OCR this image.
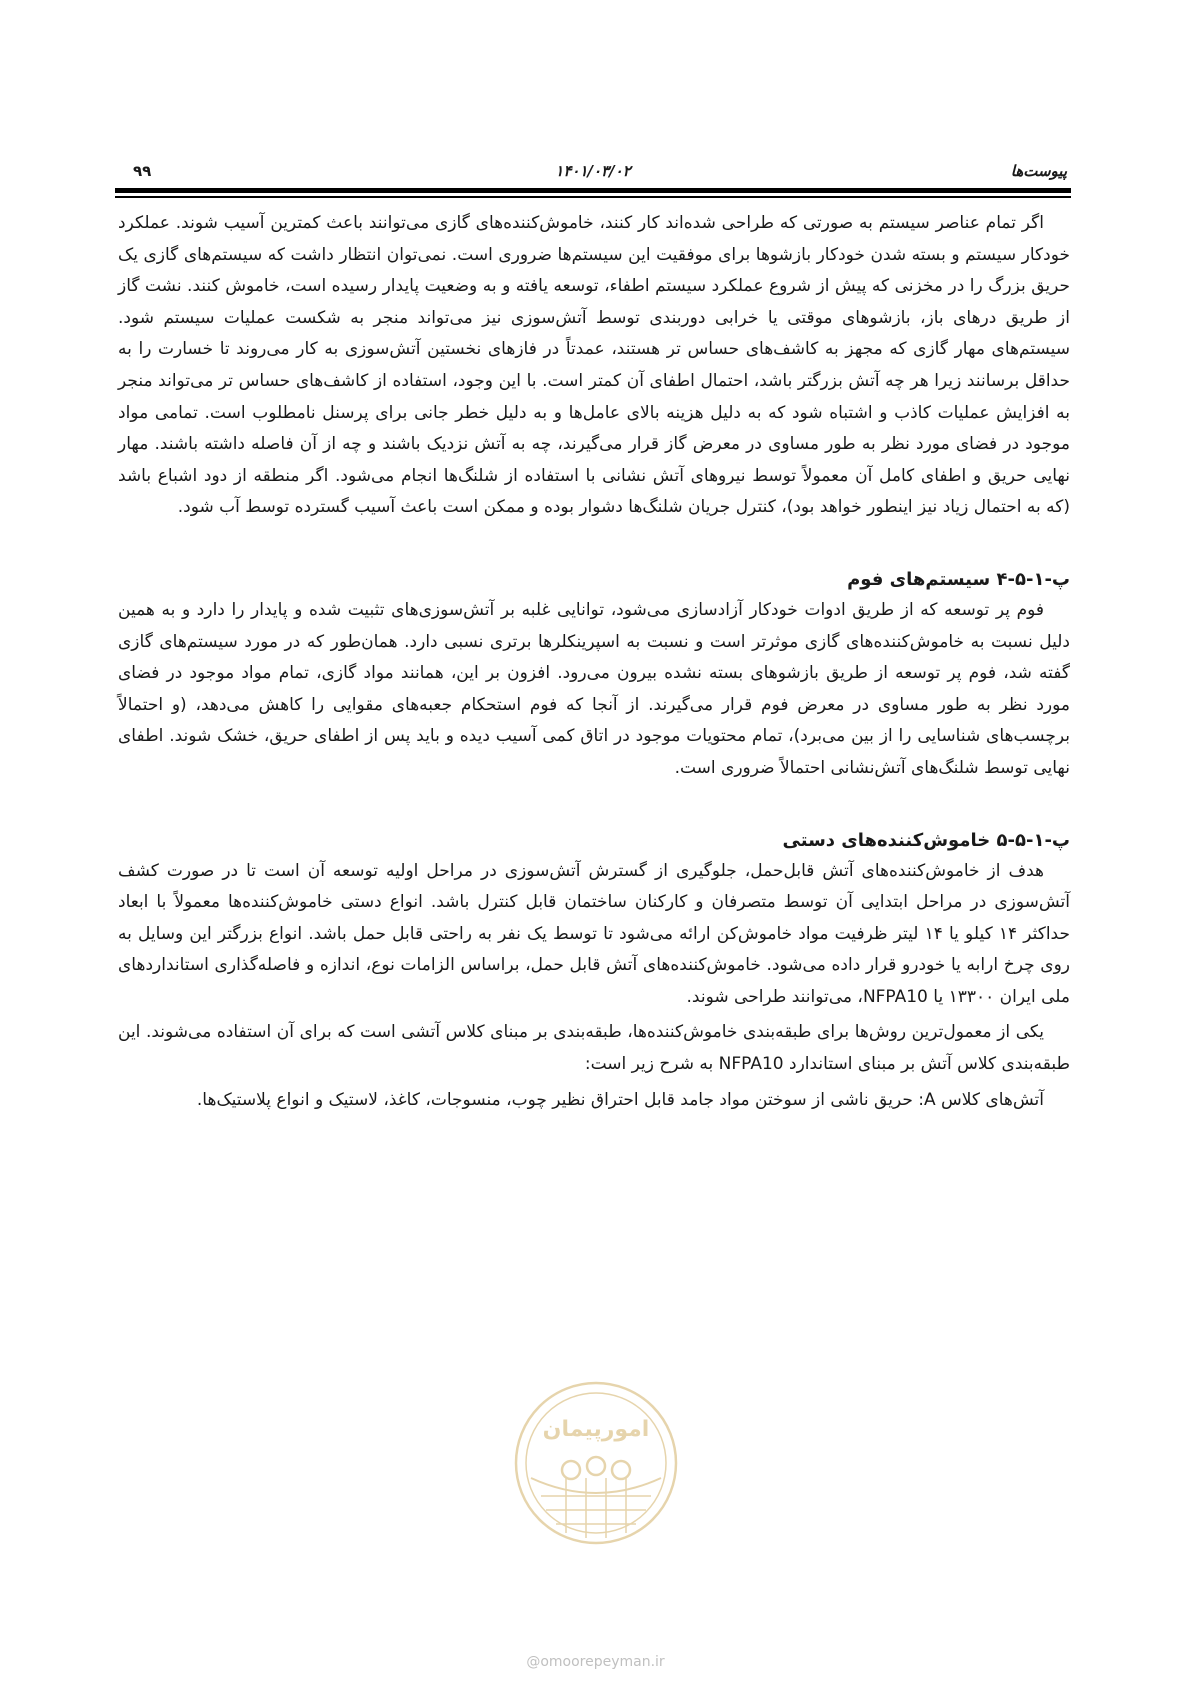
پیوست‌ها
۱۴۰۱/۰۳/۰۲
۹۹

اگر تمام عناصر سیستم به صورتی که طراحی شده‌اند کار کنند، خاموش‌کننده‌های گازی می‌توانند باعث کمترین آسیب شوند. عملکرد خودکار سیستم و بسته شدن خودکار بازشوها برای موفقیت این سیستم‌ها ضروری است. نمی‌توان انتظار داشت که سیستم‌های گازی یک حریق بزرگ را در مخزنی که پیش از شروع عملکرد سیستم اطفاء، توسعه یافته و به وضعیت پایدار رسیده است، خاموش کنند. نشت گاز از طریق درهای باز، بازشوهای موقتی یا خرابی دوربندی توسط آتش‌سوزی نیز می‌تواند منجر به شکست عملیات سیستم شود. سیستم‌های مهار گازی که مجهز به کاشف‌های حساس تر هستند، عمدتاً در فازهای نخستین آتش‌سوزی به کار می‌روند تا خسارت را به حداقل برسانند زیرا هر چه آتش بزرگتر باشد، احتمال اطفای آن کمتر است. با این وجود، استفاده از کاشف‌های حساس تر می‌تواند منجر به افزایش عملیات کاذب و اشتباه شود که به دلیل هزینه بالای عامل‌ها و به دلیل خطر جانی برای پرسنل نامطلوب است. تمامی مواد موجود در فضای مورد نظر به طور مساوی در معرض گاز قرار می‌گیرند، چه به آتش نزدیک باشند و چه از آن فاصله داشته باشند. مهار نهایی حریق و اطفای کامل آن معمولاً توسط نیروهای آتش نشانی با استفاده از شلنگ‌ها انجام می‌شود. اگر منطقه از دود اشباع باشد (که به احتمال زیاد نیز اینطور خواهد بود)، کنترل جریان شلنگ‌ها دشوار بوده و ممکن است باعث آسیب گسترده توسط آب شود.

پ-۱-۵-۴ سیستم‌های فوم

فوم پر توسعه که از طریق ادوات خودکار آزادسازی می‌شود، توانایی غلبه بر آتش‌سوزی‌های تثبیت شده و پایدار را دارد و به همین دلیل نسبت به خاموش‌کننده‌های گازی موثرتر است و نسبت به اسپرینکلرها برتری نسبی دارد. همان‌طور که در مورد سیستم‌های گازی گفته شد، فوم پر توسعه از طریق بازشوهای بسته نشده بیرون می‌رود. افزون بر این، همانند مواد گازی، تمام مواد موجود در فضای مورد نظر به طور مساوی در معرض فوم قرار می‌گیرند. از آنجا که فوم استحکام جعبه‌های مقوایی را کاهش می‌دهد، (و احتمالاً برچسب‌های شناسایی را از بین می‌برد)، تمام محتویات موجود در اتاق کمی آسیب دیده و باید پس از اطفای حریق، خشک شوند. اطفای نهایی توسط شلنگ‌های آتش‌نشانی احتمالاً ضروری است.

پ-۱-۵-۵ خاموش‌کننده‌های دستی

هدف از خاموش‌کننده‌های آتش قابل‌حمل، جلوگیری از گسترش آتش‌سوزی در مراحل اولیه توسعه آن است تا در صورت کشف آتش‌سوزی در مراحل ابتدایی آن توسط متصرفان و کارکنان ساختمان قابل کنترل باشد. انواع دستی خاموش‌کننده‌ها معمولاً با ابعاد حداکثر ۱۴ کیلو یا ۱۴ لیتر ظرفیت مواد خاموش‌کن ارائه می‌شود تا توسط یک نفر به راحتی قابل حمل باشد. انواع بزرگتر این وسایل به روی چرخ ارابه یا خودرو قرار داده می‌شود. خاموش‌کننده‌های آتش قابل حمل، براساس الزامات نوع، اندازه و فاصله‌گذاری استانداردهای ملی ایران ۱۳۳۰۰ یا NFPA10، می‌توانند طراحی شوند.

یکی از معمول‌ترین روش‌ها برای طبقه‌بندی خاموش‌کننده‌ها، طبقه‌بندی بر مبنای کلاس آتشی است که برای آن استفاده می‌شوند. این طبقه‌بندی کلاس آتش بر مبنای استاندارد NFPA10 به شرح زیر است:

آتش‌های کلاس A: حریق ناشی از سوختن مواد جامد قابل احتراق نظیر چوب، منسوجات، کاغذ، لاستیک و انواع پلاستیک‌ها.

امورپیمان
@omoorepeyman.ir
